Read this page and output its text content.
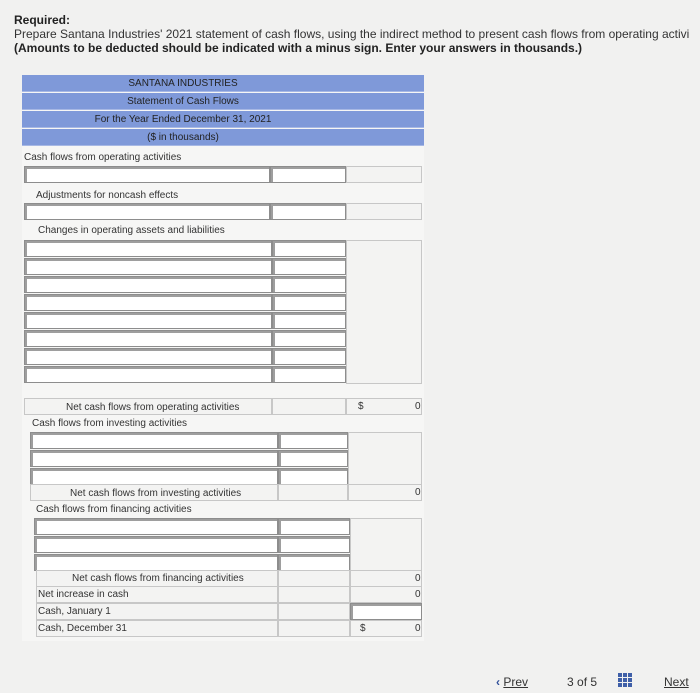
Required:
Prepare Santana Industries' 2021 statement of cash flows, using the indirect method to present cash flows from operating activi
(Amounts to be deducted should be indicated with a minus sign. Enter your answers in thousands.)
SANTANA INDUSTRIES
Statement of Cash Flows
For the Year Ended December 31, 2021
($ in thousands)
Cash flows from operating activities
Adjustments for noncash effects
Changes in operating assets and liabilities
Net cash flows from operating activities	$	0
Cash flows from investing activities
Net cash flows from investing activities	0
Cash flows from financing activities
Net cash flows from financing activities	0
Net increase in cash	0
Cash, January 1
Cash, December 31	$	0
‹ Prev	3 of 5	Next
